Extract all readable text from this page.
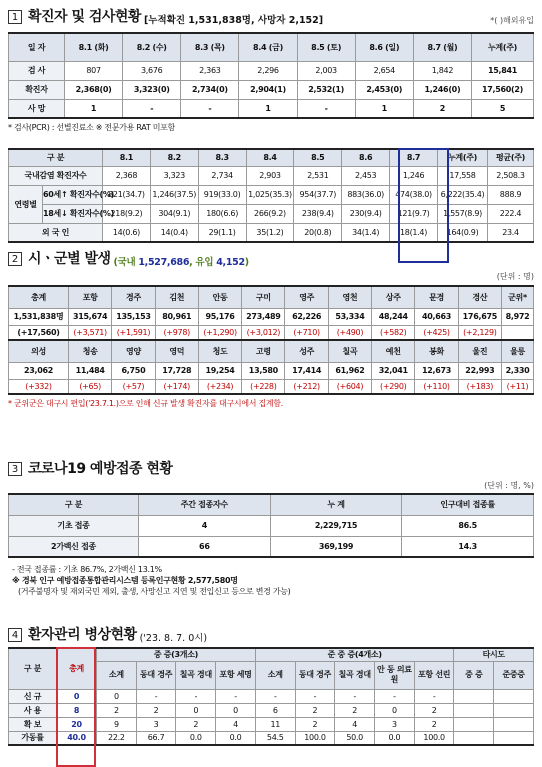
1 확진자 및 검사현황 [누적확진 1,531,838명, 사망자 2,152]	*( )해외유입
일 자	8.1 (화)	8.2 (수)	8.3 (목)	8.4 (금)	8.5 (토)	8.6 (일)	8.7 (월)	누계(주)
검 사	807	3,676	2,363	2,296	2,003	2,654	1,842	15,841
확진자	2,368(0)	3,323(0)	2,734(0)	2,904(1)	2,532(1)	2,453(0)	1,246(0)	17,560(2)
사 망	1	-	-	1	-	1	2	5
* 검사(PCR) : 선별진료소 ※ 전문가용 RAT 미포함
구 분		8.1	8.2	8.3	8.4	8.5	8.6	8.7	누계(주)	평균(주)
국내감염 확진자수		2,368	3,323	2,734	2,903	2,531	2,453	1,246	17,558	2,508.3
연령별	60세↑ 확진자수(%)	821(34.7)	1,246(37.5)	919(33.0)	1,025(35.3)	954(37.7)	883(36.0)	474(38.0)	6,222(35.4)	888.9
	18세↓ 확진자수(%)	218(9.2)	304(9.1)	180(6.6)	266(9.2)	238(9.4)	230(9.4)	121(9.7)	1,557(8.9)	222.4
외 국 인		14(0.6)	14(0.4)	29(1.1)	35(1.2)	20(0.8)	34(1.4)	18(1.4)	164(0.9)	23.4
2 시ㆍ군별 발생 (국내 1,527,686, 유입 4,152)
(단위 : 명)
총계	포항	경주	김천	안동	구미	영주	영천	상주	문경	경산	군위*
1,531,838명	315,674	135,153	80,961	95,176	273,489	62,226	53,334	48,244	40,663	176,675	8,972
(+17,560)	(+3,571)	(+1,591)	(+978)	(+1,290)	(+3,012)	(+710)	(+490)	(+582)	(+425)	(+2,129)	
의성	청송	영양	영덕	청도	고령	성주	칠곡	예천	봉화	울진	울릉
23,062	11,484	6,750	17,728	19,254	13,580	17,414	61,962	32,041	12,673	22,993	2,330
(+332)	(+65)	(+57)	(+174)	(+234)	(+228)	(+212)	(+604)	(+290)	(+110)	(+183)	(+11)
* 군위군은 대구시 편입('23.7.1.)으로 인해 신규 발생 확진자를 대구시에서 집계함.
3 코로나19 예방접종 현황
(단위 : 명, %)
구 분	주간 접종자수	누 계	인구대비 접종률
기초 접종	4	2,229,715	86.5
2가백신 접종	66	369,199	14.3
- 전국 접종률 : 기초 86.7%, 2가백신 13.1%
※ 경북 인구 예방접종통합관리시스템 등록인구현황 2,577,580명
(거주불명자 및 재외국민 제외, 출생, 사망신고 지연 및 전입신고 등으로 변경 가능)
4 환자관리 병상현황 ('23. 8. 7. 0시)
구 분	총계	중 증(3개소)				준 중 증(4개소)					타시도	
		소계	동대 경주	칠곡 경대	포항 세명	소계	동대 경주	칠곡 경대	안 동 의료원	포항 선린	중 증	준중증
신 규	0	0	-	-	-	-	-	-	-	-		
사 용	8	2	2	0	0	6	2	2	0	2		
확 보	20	9	3	2	4	11	2	4	3	2		
가동률	40.0	22.2	66.7	0.0	0.0	54.5	100.0	50.0	0.0	100.0		
